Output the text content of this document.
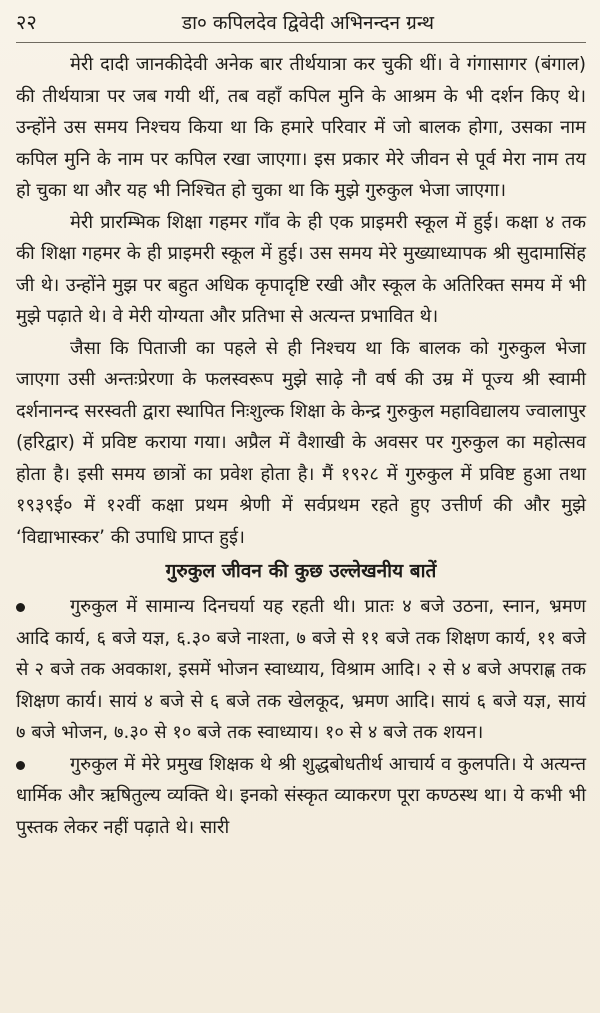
२२	डा० कपिलदेव द्विवेदी अभिनन्दन ग्रन्थ

मेरी दादी जानकीदेवी अनेक बार तीर्थयात्रा कर चुकी थीं। वे गंगासागर (बंगाल) की तीर्थयात्रा पर जब गयी थीं, तब वहाँ कपिल मुनि के आश्रम के भी दर्शन किए थे। उन्होंने उस समय निश्चय किया था कि हमारे परिवार में जो बालक होगा, उसका नाम कपिल मुनि के नाम पर कपिल रखा जाएगा। इस प्रकार मेरे जीवन से पूर्व मेरा नाम तय हो चुका था और यह भी निश्चित हो चुका था कि मुझे गुरुकुल भेजा जाएगा।

मेरी प्रारम्भिक शिक्षा गहमर गाँव के ही एक प्राइमरी स्कूल में हुई। कक्षा ४ तक की शिक्षा गहमर के ही प्राइमरी स्कूल में हुई। उस समय मेरे मुख्याध्यापक श्री सुदामासिंह जी थे। उन्होंने मुझ पर बहुत अधिक कृपादृष्टि रखी और स्कूल के अतिरिक्त समय में भी मुझे पढ़ाते थे। वे मेरी योग्यता और प्रतिभा से अत्यन्त प्रभावित थे।

जैसा कि पिताजी का पहले से ही निश्चय था कि बालक को गुरुकुल भेजा जाएगा उसी अन्तःप्रेरणा के फलस्वरूप मुझे साढ़े नौ वर्ष की उम्र में पूज्य श्री स्वामी दर्शनानन्द सरस्वती द्वारा स्थापित निःशुल्क शिक्षा के केन्द्र गुरुकुल महाविद्यालय ज्वालापुर (हरिद्वार) में प्रविष्ट कराया गया। अप्रैल में वैशाखी के अवसर पर गुरुकुल का महोत्सव होता है। इसी समय छात्रों का प्रवेश होता है। मैं १९२८ में गुरुकुल में प्रविष्ट हुआ तथा १९३९ई० में १२वीं कक्षा प्रथम श्रेणी में सर्वप्रथम रहते हुए उत्तीर्ण की और मुझे ‘विद्याभास्कर’ की उपाधि प्राप्त हुई।

गुरुकुल जीवन की कुछ उल्लेखनीय बातें

गुरुकुल में सामान्य दिनचर्या यह रहती थी। प्रातः ४ बजे उठना, स्नान, भ्रमण आदि कार्य, ६ बजे यज्ञ, ६.३० बजे नाश्ता, ७ बजे से ११ बजे तक शिक्षण कार्य, ११ बजे से २ बजे तक अवकाश, इसमें भोजन स्वाध्याय, विश्राम आदि। २ से ४ बजे अपराह्ण तक शिक्षण कार्य। सायं ४ बजे से ६ बजे तक खेलकूद, भ्रमण आदि। सायं ६ बजे यज्ञ, सायं ७ बजे भोजन, ७.३० से १० बजे तक स्वाध्याय। १० से ४ बजे तक शयन।

गुरुकुल में मेरे प्रमुख शिक्षक थे श्री शुद्धबोधतीर्थ आचार्य व कुलपति। ये अत्यन्त धार्मिक और ऋषितुल्य व्यक्ति थे। इनको संस्कृत व्याकरण पूरा कण्ठस्थ था। ये कभी भी पुस्तक लेकर नहीं पढ़ाते थे। सारी
